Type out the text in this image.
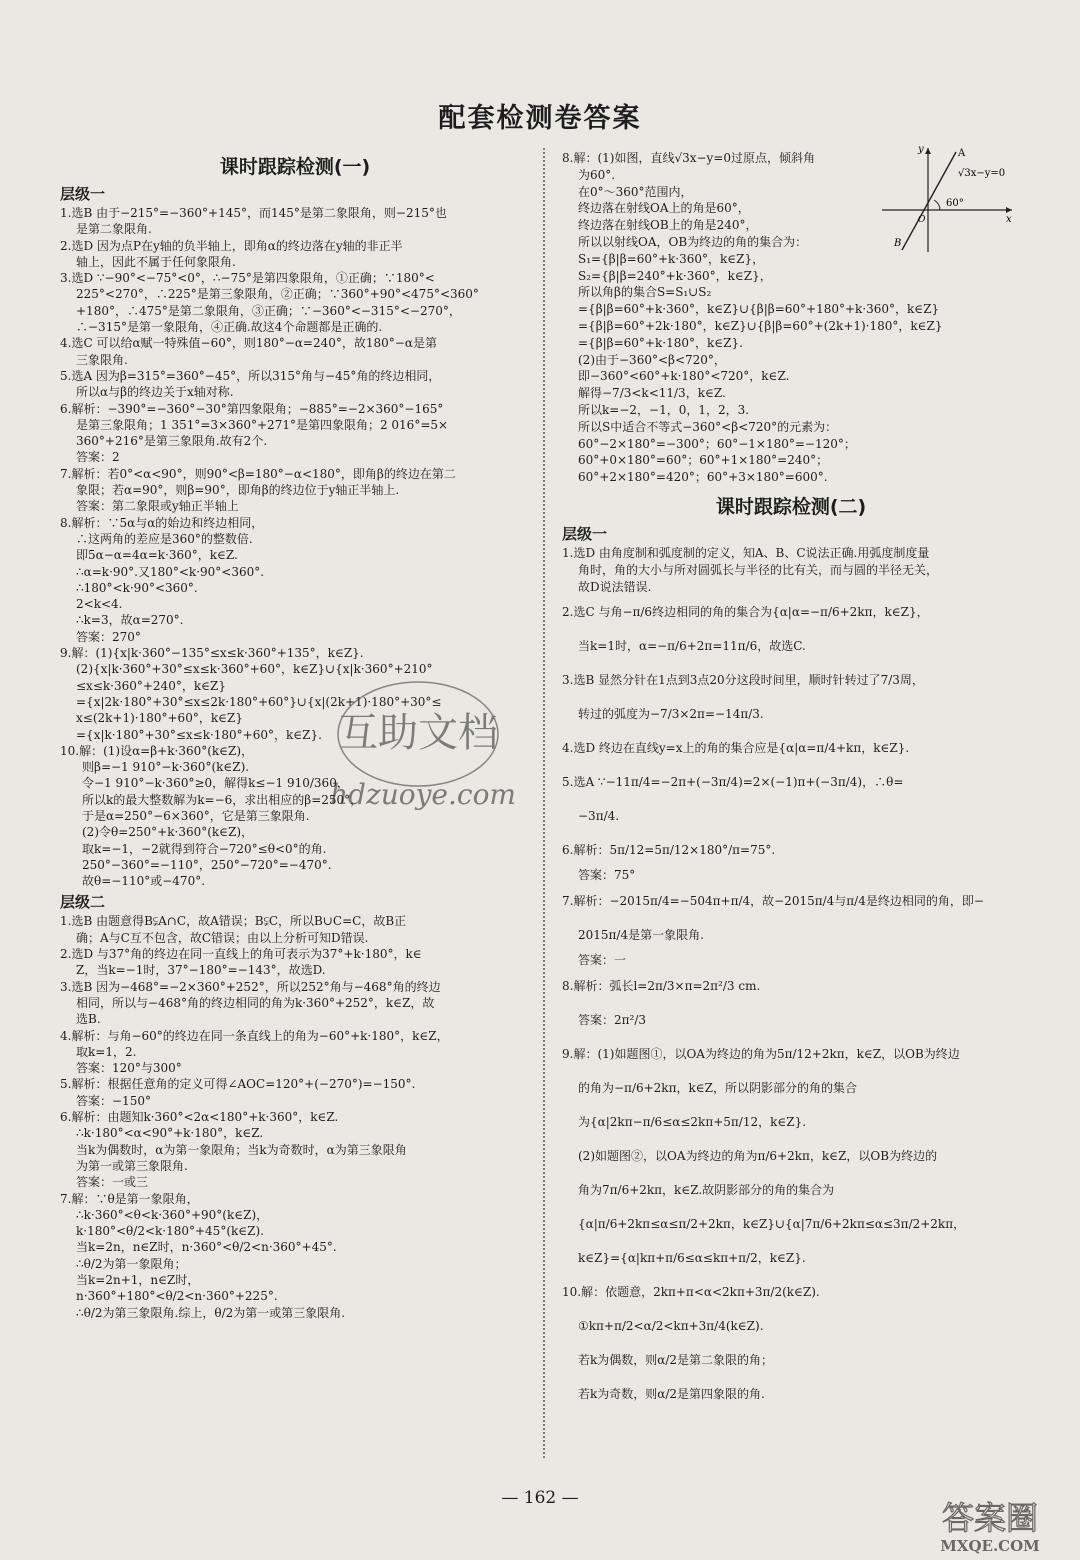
配套检测卷答案
课时跟踪检测(一)
层级一
1.选B 由于−215°=−360°+145°，而145°是第二象限角，则−215°也
是第二象限角.
2.选D 因为点P在y轴的负半轴上，即角α的终边落在y轴的非正半
轴上，因此不属于任何象限角.
3.选D ∵−90°<−75°<0°，∴−75°是第四象限角，①正确；∵180°<
225°<270°，∴225°是第三象限角，②正确；∵360°+90°<475°<360°
+180°，∴475°是第二象限角，③正确；∵−360°<−315°<−270°，
∴−315°是第一象限角，④正确.故这4个命题都是正确的.
4.选C 可以给α赋一特殊值−60°，则180°−α=240°，故180°−α是第
三象限角.
5.选A 因为β=315°=360°−45°，所以315°角与−45°角的终边相同，
所以α与β的终边关于x轴对称.
6.解析：−390°=−360°−30°第四象限角；−885°=−2×360°−165°
是第三象限角；1 351°=3×360°+271°是第四象限角；2 016°=5×
360°+216°是第三象限角.故有2个.
答案：2
7.解析：若0°<α<90°，则90°<β=180°−α<180°，即角β的终边在第二
象限；若α=90°，则β=90°，即角β的终边位于y轴正半轴上.
答案：第二象限或y轴正半轴上
8.解析：∵5α与α的始边和终边相同，
∴这两角的差应是360°的整数倍.
即5α−α=4α=k·360°，k∈Z.
∴α=k·90°.又180°<k·90°<360°.
∴180°<k·90°<360°.
2<k<4.
∴k=3，故α=270°.
答案：270°
9.解：(1){x|k·360°−135°≤x≤k·360°+135°，k∈Z}.
(2){x|k·360°+30°≤x≤k·360°+60°，k∈Z}∪{x|k·360°+210°
≤x≤k·360°+240°，k∈Z}
={x|2k·180°+30°≤x≤2k·180°+60°}∪{x|(2k+1)·180°+30°≤
x≤(2k+1)·180°+60°，k∈Z}
={x|k·180°+30°≤x≤k·180°+60°，k∈Z}.
10.解：(1)设α=β+k·360°(k∈Z)，
则β=−1 910°−k·360°(k∈Z).
令−1 910°−k·360°≥0，解得k≤−1 910/360，
所以k的最大整数解为k=−6，求出相应的β=250°，
于是α=250°−6×360°，它是第三象限角.
(2)令θ=250°+k·360°(k∈Z)，
取k=−1，−2就得到符合−720°≤θ<0°的角.
250°−360°=−110°，250°−720°=−470°.
故θ=−110°或−470°.
层级二
1.选B 由题意得B⫋A∩C，故A错误；B⫋C，所以B∪C=C，故B正
确；A与C互不包含，故C错误；由以上分析可知D错误.
2.选D 与37°角的终边在同一直线上的角可表示为37°+k·180°，k∈
Z，当k=−1时，37°−180°=−143°，故选D.
3.选B 因为−468°=−2×360°+252°，所以252°角与−468°角的终边
相同，所以与−468°角的终边相同的角为k·360°+252°，k∈Z，故
选B.
4.解析：与角−60°的终边在同一条直线上的角为−60°+k·180°，k∈Z，
取k=1，2.
答案：120°与300°
5.解析：根据任意角的定义可得∠AOC=120°+(−270°)=−150°.
答案：−150°
6.解析：由题知k·360°<2α<180°+k·360°，k∈Z.
∴k·180°<α<90°+k·180°，k∈Z.
当k为偶数时，α为第一象限角；当k为奇数时，α为第三象限角
为第一或第三象限角.
答案：一或三
7.解：∵θ是第一象限角，
∴k·360°<θ<k·360°+90°(k∈Z)，
k·180°<θ/2<k·180°+45°(k∈Z).
当k=2n，n∈Z时，n·360°<θ/2<n·360°+45°.
∴θ/2为第一象限角；
当k=2n+1，n∈Z时，
n·360°+180°<θ/2<n·360°+225°.
∴θ/2为第三象限角.综上，θ/2为第一或第三象限角.
8.解：(1)如图，直线√3x−y=0过原点，倾斜角
为60°.
在0°～360°范围内，
终边落在射线OA上的角是60°，
终边落在射线OB上的角是240°，
所以以射线OA，OB为终边的角的集合为：
S₁={β|β=60°+k·360°，k∈Z}，
S₂={β|β=240°+k·360°，k∈Z}，
所以角β的集合S=S₁∪S₂
={β|β=60°+k·360°，k∈Z}∪{β|β=60°+180°+k·360°，k∈Z}
={β|β=60°+2k·180°，k∈Z}∪{β|β=60°+(2k+1)·180°，k∈Z}
={β|β=60°+k·180°，k∈Z}.
(2)由于−360°<β<720°，
即−360°<60°+k·180°<720°，k∈Z.
解得−7/3<k<11/3，k∈Z.
所以k=−2，−1，0，1，2，3.
所以S中适合不等式−360°<β<720°的元素为：
60°−2×180°=−300°；60°−1×180°=−120°；
60°+0×180°=60°；60°+1×180°=240°；
60°+2×180°=420°；60°+3×180°=600°.
课时跟踪检测(二)
层级一
1.选D 由角度制和弧度制的定义，知A、B、C说法正确.用弧度制度量
角时，角的大小与所对圆弧长与半径的比有关，而与圆的半径无关，
故D说法错误.
2.选C 与角−π/6终边相同的角的集合为{α|α=−π/6+2kπ，k∈Z}，
当k=1时，α=−π/6+2π=11π/6，故选C.
3.选B 显然分针在1点到3点20分这段时间里，顺时针转过了7/3周，
转过的弧度为−7/3×2π=−14π/3.
4.选D 终边在直线y=x上的角的集合应是{α|α=π/4+kπ，k∈Z}.
5.选A ∵−11π/4=−2π+(−3π/4)=2×(−1)π+(−3π/4)，∴θ=
−3π/4.
6.解析：5π/12=5π/12×180°/π=75°.
答案：75°
7.解析：−2015π/4=−504π+π/4，故−2015π/4与π/4是终边相同的角，即−
2015π/4是第一象限角.
答案：一
8.解析：弧长l=2π/3×π=2π²/3 cm.
答案：2π²/3
9.解：(1)如题图①，以OA为终边的角为5π/12+2kπ，k∈Z，以OB为终边
的角为−π/6+2kπ，k∈Z，所以阴影部分的角的集合
为{α|2kπ−π/6≤α≤2kπ+5π/12，k∈Z}.
(2)如题图②，以OA为终边的角为π/6+2kπ，k∈Z，以OB为终边的
角为7π/6+2kπ，k∈Z.故阴影部分的角的集合为
{α|π/6+2kπ≤α≤π/2+2kπ，k∈Z}∪{α|7π/6+2kπ≤α≤3π/2+2kπ，
k∈Z}={α|kπ+π/6≤α≤kπ+π/2，k∈Z}.
10.解：依题意，2kπ+π<α<2kπ+3π/2(k∈Z).
①kπ+π/2<α/2<kπ+3π/4(k∈Z).
若k为偶数，则α/2是第二象限的角；
若k为奇数，则α/2是第四象限的角.
y
x
A
B
O
√3x−y=0
60°
互助文档
hdzuoye.com
— 162 —
答案圈
MXQE.COM
